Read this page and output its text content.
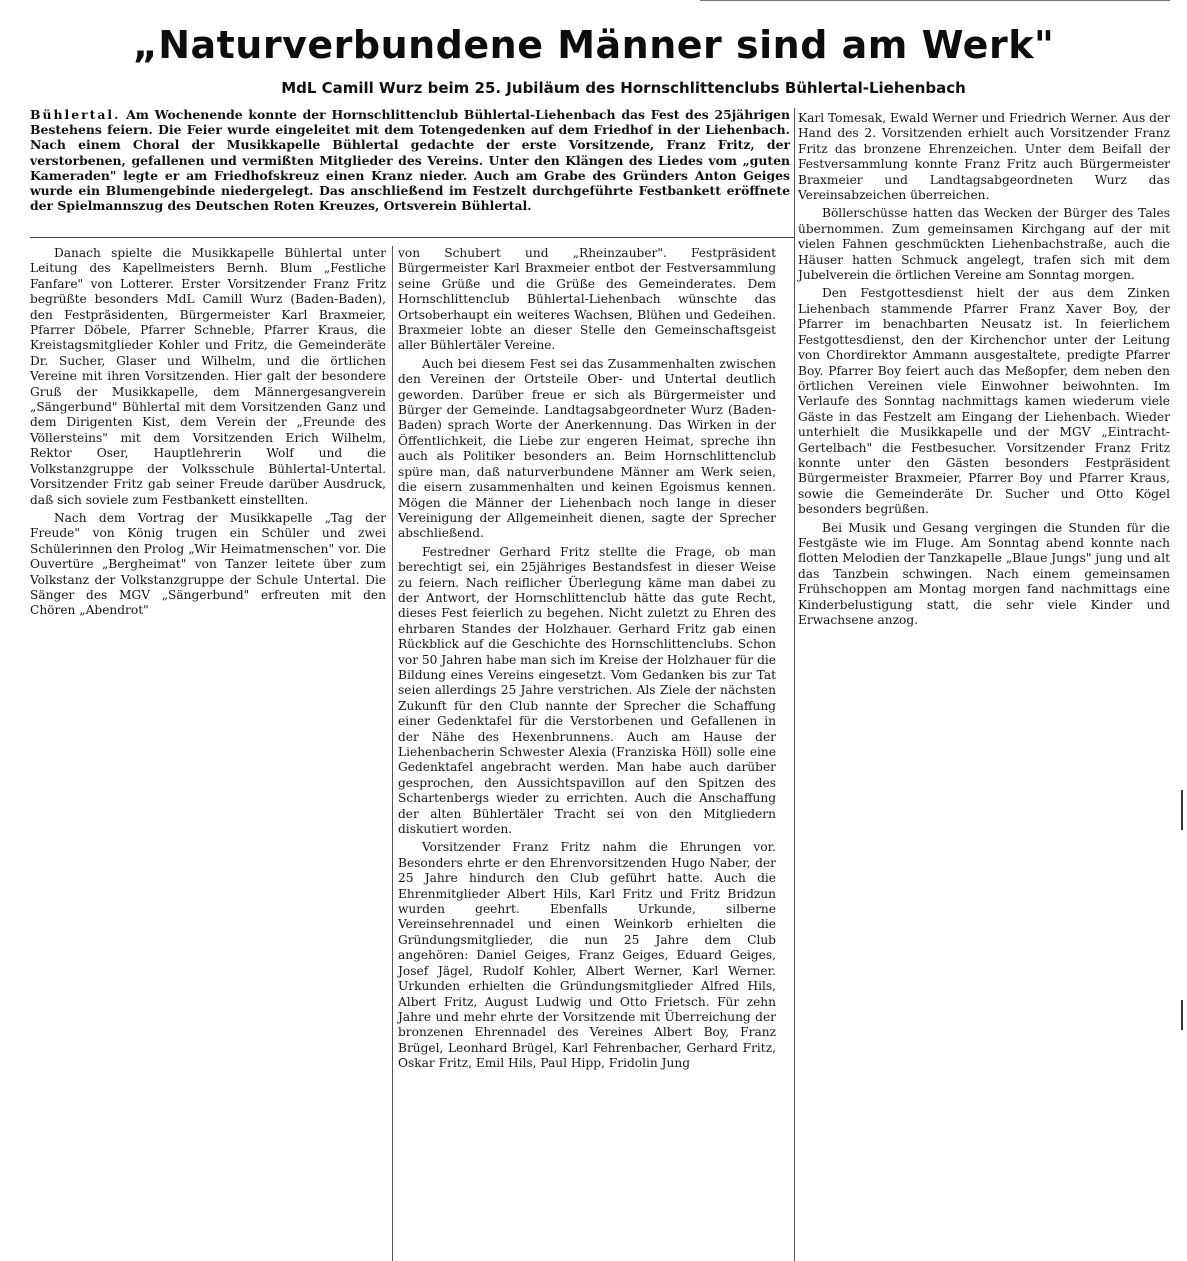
„Naturverbundene Männer sind am Werk"
MdL Camill Wurz beim 25. Jubiläum des Hornschlittenclubs Bühlertal-Liehenbach
Bühlertal. Am Wochenende konnte der Hornschlittenclub Bühlertal-Liehenbach das Fest des 25jährigen Bestehens feiern. Die Feier wurde eingeleitet mit dem Totengedenken auf dem Friedhof in der Liehenbach. Nach einem Choral der Musikkapelle Bühlertal gedachte der erste Vorsitzende, Franz Fritz, der verstorbenen, gefallenen und vermißten Mitglieder des Vereins. Unter den Klängen des Liedes vom „guten Kameraden" legte er am Friedhofskreuz einen Kranz nieder. Auch am Grabe des Gründers Anton Geiges wurde ein Blumengebinde niedergelegt. Das anschließend im Festzelt durchgeführte Festbankett eröffnete der Spielmannszug des Deutschen Roten Kreuzes, Ortsverein Bühlertal.

Danach spielte die Musikkapelle Bühlertal unter Leitung des Kapellmeisters Bernh. Blum „Festliche Fanfare" von Lotterer. Erster Vorsitzender Franz Fritz begrüßte besonders MdL Camill Wurz (Baden-Baden), den Festpräsidenten, Bürgermeister Karl Braxmeier, Pfarrer Döbele, Pfarrer Schneble, Pfarrer Kraus, die Kreistagsmitglieder Kohler und Fritz, die Gemeinderäte Dr. Sucher, Glaser und Wilhelm, und die örtlichen Vereine mit ihren Vorsitzenden. Hier galt der besondere Gruß der Musikkapelle, dem Männergesangverein „Sängerbund" Bühlertal mit dem Vorsitzenden Ganz und dem Dirigenten Kist, dem Verein der „Freunde des Völlersteins" mit dem Vorsitzenden Erich Wilhelm, Rektor Oser, Hauptlehrerin Wolf und die Volkstanzgruppe der Volksschule Bühlertal-Untertal. Vorsitzender Fritz gab seiner Freude darüber Ausdruck, daß sich soviele zum Festbankett einstellten.

Nach dem Vortrag der Musikkapelle „Tag der Freude" von König trugen ein Schüler und zwei Schülerinnen den Prolog „Wir Heimatmenschen" vor. Die Ouvertüre „Bergheimat" von Tanzer leitete über zum Volkstanz der Volkstanzgruppe der Schule Untertal. Die Sänger des MGV „Sängerbund" erfreuten mit den Chören „Abendrot"

von Schubert und „Rheinzauber". Festpräsident Bürgermeister Karl Braxmeier entbot der Festversammlung seine Grüße und die Grüße des Gemeinderates. Dem Hornschlittenclub Bühlertal-Liehenbach wünschte das Ortsoberhaupt ein weiteres Wachsen, Blühen und Gedeihen. Braxmeier lobte an dieser Stelle den Gemeinschaftsgeist aller Bühlertäler Vereine.

Auch bei diesem Fest sei das Zusammenhalten zwischen den Vereinen der Ortsteile Ober- und Untertal deutlich geworden. Darüber freue er sich als Bürgermeister und Bürger der Gemeinde. Landtagsabgeordneter Wurz (Baden-Baden) sprach Worte der Anerkennung. Das Wirken in der Öffentlichkeit, die Liebe zur engeren Heimat, spreche ihn auch als Politiker besonders an. Beim Hornschlittenclub spüre man, daß naturverbundene Männer am Werk seien, die eisern zusammenhalten und keinen Egoismus kennen. Mögen die Männer der Liehenbach noch lange in dieser Vereinigung der Allgemeinheit dienen, sagte der Sprecher abschließend.

Festredner Gerhard Fritz stellte die Frage, ob man berechtigt sei, ein 25jähriges Bestandsfest in dieser Weise zu feiern. Nach reiflicher Überlegung käme man dabei zu der Antwort, der Hornschlittenclub hätte das gute Recht, dieses Fest feierlich zu begehen. Nicht zuletzt zu Ehren des ehrbaren Standes der Holzhauer. Gerhard Fritz gab einen Rückblick auf die Geschichte des Hornschlittenclubs. Schon vor 50 Jahren habe man sich im Kreise der Holzhauer für die Bildung eines Vereins eingesetzt. Vom Gedanken bis zur Tat seien allerdings 25 Jahre verstrichen. Als Ziele der nächsten Zukunft für den Club nannte der Sprecher die Schaffung einer Gedenktafel für die Verstorbenen und Gefallenen in der Nähe des Hexenbrunnens. Auch am Hause der Liehenbacherin Schwester Alexia (Franziska Höll) solle eine Gedenktafel angebracht werden. Man habe auch darüber gesprochen, den Aussichtspavillon auf den Spitzen des Schartenbergs wieder zu errichten. Auch die Anschaffung der alten Bühlertäler Tracht sei von den Mitgliedern diskutiert worden.

Vorsitzender Franz Fritz nahm die Ehrungen vor. Besonders ehrte er den Ehrenvorsitzenden Hugo Naber, der 25 Jahre hindurch den Club geführt hatte. Auch die Ehrenmitglieder Albert Hils, Karl Fritz und Fritz Bridzun wurden geehrt. Ebenfalls Urkunde, silberne Vereinsehrennadel und einen Weinkorb erhielten die Gründungsmitglieder, die nun 25 Jahre dem Club angehören: Daniel Geiges, Franz Geiges, Eduard Geiges, Josef Jägel, Rudolf Kohler, Albert Werner, Karl Werner. Urkunden erhielten die Gründungsmitglieder Alfred Hils, Albert Fritz, August Ludwig und Otto Frietsch. Für zehn Jahre und mehr ehrte der Vorsitzende mit Überreichung der bronzenen Ehrennadel des Vereines Albert Boy, Franz Brügel, Leonhard Brügel, Karl Fehrenbacher, Gerhard Fritz, Oskar Fritz, Emil Hils, Paul Hipp, Fridolin Jung

Karl Tomesak, Ewald Werner und Friedrich Werner. Aus der Hand des 2. Vorsitzenden erhielt auch Vorsitzender Franz Fritz das bronzene Ehrenzeichen. Unter dem Beifall der Festversammlung konnte Franz Fritz auch Bürgermeister Braxmeier und Landtagsabgeordneten Wurz das Vereinsabzeichen überreichen.

Böllerschüsse hatten das Wecken der Bürger des Tales übernommen. Zum gemeinsamen Kirchgang auf der mit vielen Fahnen geschmückten Liehenbachstraße, auch die Häuser hatten Schmuck angelegt, trafen sich mit dem Jubelverein die örtlichen Vereine am Sonntag morgen.

Den Festgottesdienst hielt der aus dem Zinken Liehenbach stammende Pfarrer Franz Xaver Boy, der Pfarrer im benachbarten Neusatz ist. In feierlichem Festgottesdienst, den der Kirchenchor unter der Leitung von Chordirektor Ammann ausgestaltete, predigte Pfarrer Boy. Pfarrer Boy feiert auch das Meßopfer, dem neben den örtlichen Vereinen viele Einwohner beiwohnten. Im Verlaufe des Sonntag nachmittags kamen wiederum viele Gäste in das Festzelt am Eingang der Liehenbach. Wieder unterhielt die Musikkapelle und der MGV „Eintracht-Gertelbach" die Festbesucher. Vorsitzender Franz Fritz konnte unter den Gästen besonders Festpräsident Bürgermeister Braxmeier, Pfarrer Boy und Pfarrer Kraus, sowie die Gemeinderäte Dr. Sucher und Otto Kögel besonders begrüßen.

Bei Musik und Gesang vergingen die Stunden für die Festgäste wie im Fluge. Am Sonntag abend konnte nach flotten Melodien der Tanzkapelle „Blaue Jungs" jung und alt das Tanzbein schwingen. Nach einem gemeinsamen Frühschoppen am Montag morgen fand nachmittags eine Kinderbelustigung statt, die sehr viele Kinder und Erwachsene anzog.
